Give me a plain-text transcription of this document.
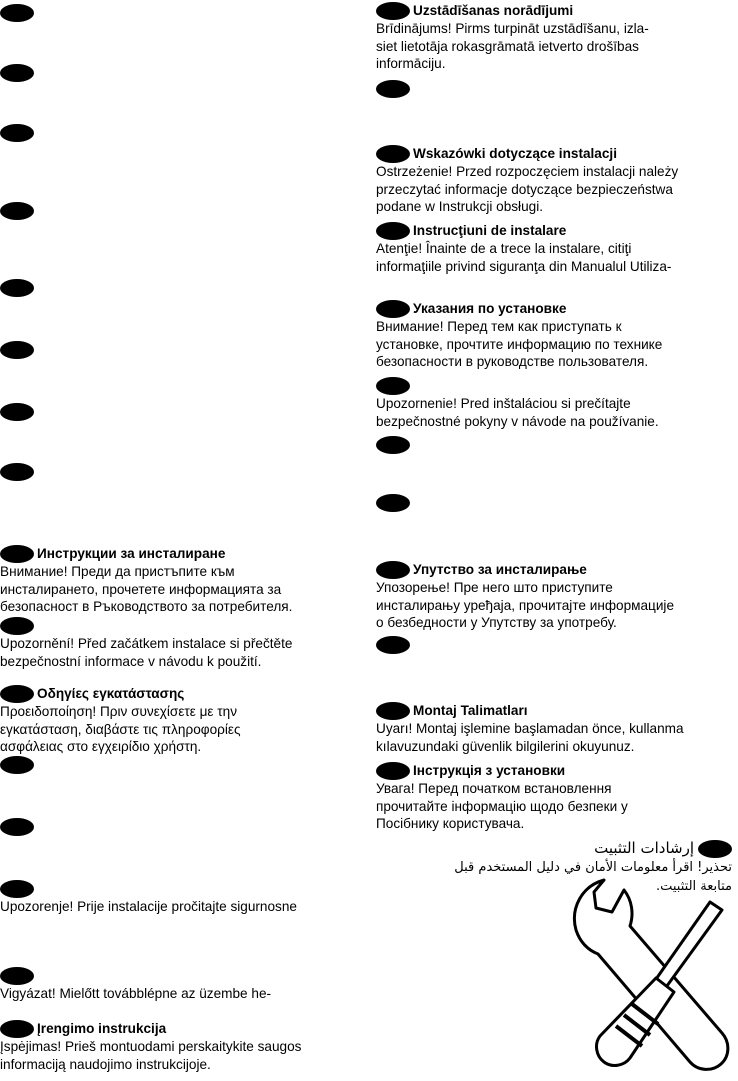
Инструкции за инсталиране
Внимание! Преди да пристъпите към
инсталирането, прочетете информацията за
безопасност в Ръководството за потребителя.
Upozornění! Před začátkem instalace si přečtěte
bezpečnostní informace v návodu k použití.
Οδηγίες εγκατάστασης
Προειδοποίηση! Πριν συνεχίσετε με την
εγκατάσταση, διαβάστε τις πληροφορίες
ασφάλειας στο εγχειρίδιο χρήστη.
Upozorenje! Prije instalacije pročitajte sigurnosne
Vigyázat! Mielőtt továbblépne az üzembe he-
Įrengimo instrukcija
Įspėjimas! Prieš montuodami perskaitykite saugos
informaciją naudojimo instrukcijoje.
Uzstādīšanas norādījumi
Brīdinājums! Pirms turpināt uzstādīšanu, izla-
siet lietotāja rokasgrāmatā ietverto drošības
informāciju.
Wskazówki dotyczące instalacji
Ostrzeżenie! Przed rozpoczęciem instalacji należy
przeczytać informacje dotyczące bezpieczeństwa
podane w Instrukcji obsługi.
Instrucţiuni de instalare
Atenţie! Înainte de a trece la instalare, citiţi
informaţiile privind siguranţa din Manualul Utiliza-
Указания по установке
Внимание! Перед тем как приступать к
установке, прочтите информацию по технике
безопасности в руководстве пользователя.
Upozornenie! Pred inštaláciou si prečítajte
bezpečnostné pokyny v návode na používanie.
Упутство за инсталирање
Упозорење! Пре него што приступите
инсталирању уређаја, прочитајте информације
о безбедности у Упутству за употребу.
Montaj Talimatları
Uyarı! Montaj işlemine başlamadan önce, kullanma
kılavuzundaki güvenlik bilgilerini okuyunuz.
Інструкція з установки
Увага! Перед початком встановлення
прочитайте інформацію щодо безпеки у
Посібнику користувача.
إرشادات التثبيت
تحذير! اقرأ معلومات الأمان في دليل المستخدم قبل
متابعة التثبيت.
